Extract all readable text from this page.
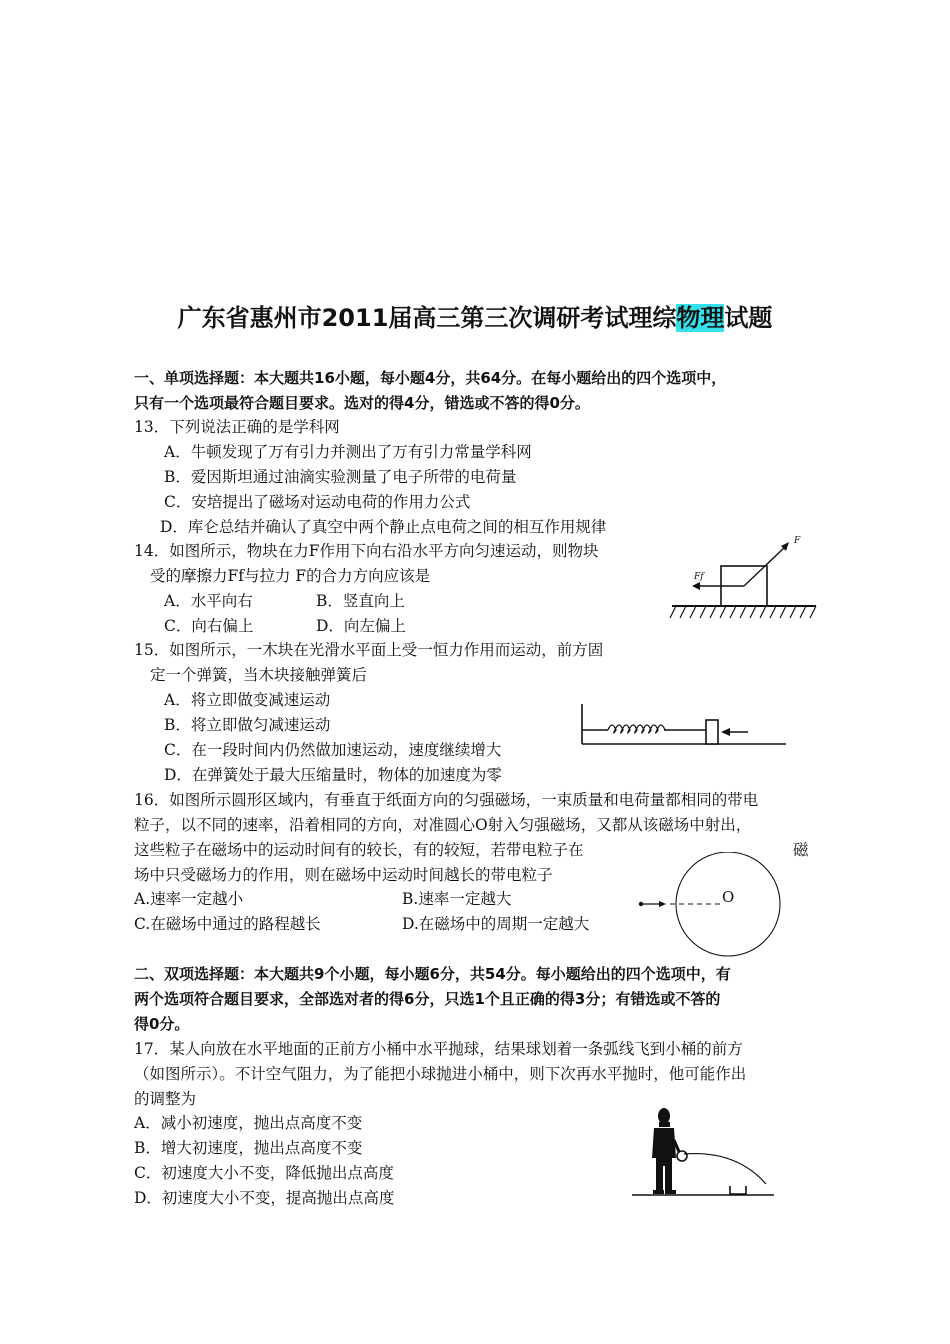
广东省惠州市2011届高三第三次调研考试理综物理试题
一、单项选择题：本大题共16小题，每小题4分，共64分。在每小题给出的四个选项中，
只有一个选项最符合题目要求。选对的得4分，错选或不答的得0分。
13．下列说法正确的是学科网
A．牛顿发现了万有引力并测出了万有引力常量学科网
B．爱因斯坦通过油滴实验测量了电子所带的电荷量
C．安培提出了磁场对运动电荷的作用力公式
D．库仑总结并确认了真空中两个静止点电荷之间的相互作用规律
14．如图所示，物块在力F作用下向右沿水平方向匀速运动，则物块
受的摩擦力Ff与拉力 F的合力方向应该是
A．水平向右	B．竖直向上
C．向右偏上	D．向左偏上
F
Ff
15．如图所示，一木块在光滑水平面上受一恒力作用而运动，前方固
定一个弹簧，当木块接触弹簧后
A．将立即做变减速运动
B．将立即做匀减速运动
C．在一段时间内仍然做加速运动，速度继续增大
D．在弹簧处于最大压缩量时，物体的加速度为零
16．如图所示圆形区域内，有垂直于纸面方向的匀强磁场，一束质量和电荷量都相同的带电
粒子，以不同的速率，沿着相同的方向，对准圆心O射入匀强磁场，又都从该磁场中射出，
这些粒子在磁场中的运动时间有的较长，有的较短，若带电粒子在	磁
场中只受磁场力的作用，则在磁场中运动时间越长的带电粒子
A.速率一定越小	B.速率一定越大
C.在磁场中通过的路程越长	D.在磁场中的周期一定越大
O
二、双项选择题：本大题共9个小题，每小题6分，共54分。每小题给出的四个选项中，有
两个选项符合题目要求，全部选对者的得6分，只选1个且正确的得3分；有错选或不答的
得0分。
17．某人向放在水平地面的正前方小桶中水平抛球，结果球划着一条弧线飞到小桶的前方
（如图所示）。不计空气阻力，为了能把小球抛进小桶中，则下次再水平抛时，他可能作出
的调整为
A．减小初速度，抛出点高度不变
B．增大初速度，抛出点高度不变
C．初速度大小不变，降低抛出点高度
D．初速度大小不变，提高抛出点高度
